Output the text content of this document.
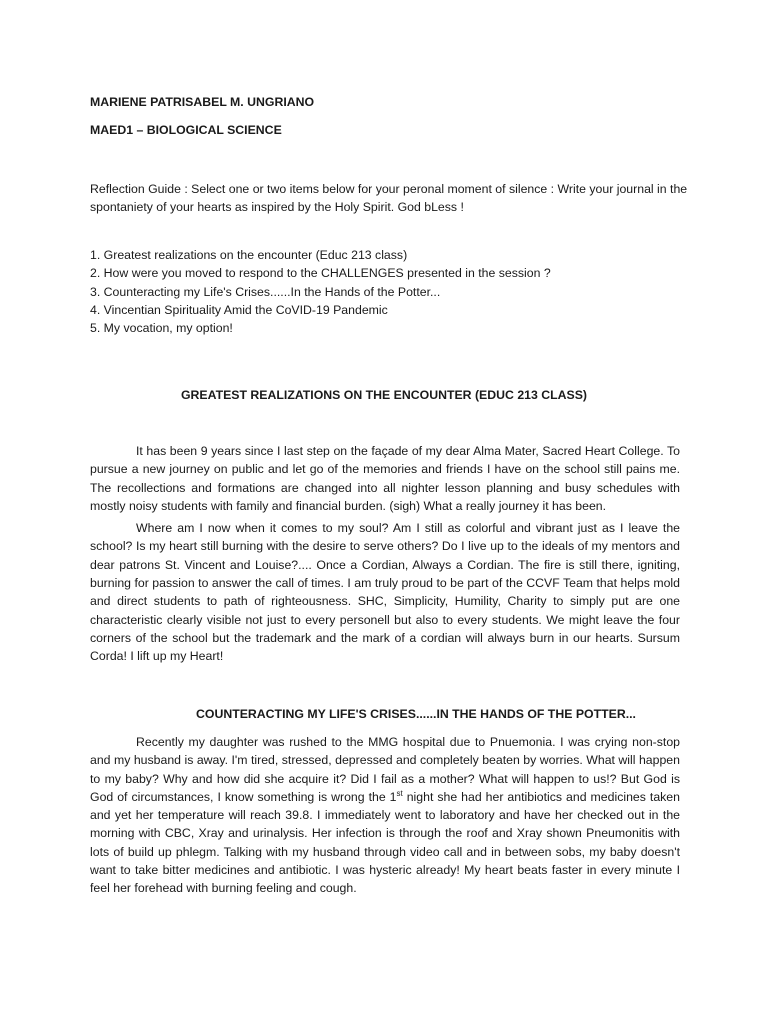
MARIENE PATRISABEL M. UNGRIANO
MAED1 – BIOLOGICAL SCIENCE
Reflection Guide : Select one or two items below for your peronal moment of silence : Write your journal in the spontaniety of your hearts as inspired by the Holy Spirit. God bLess !
1. Greatest realizations on the encounter (Educ 213 class)
2. How were you moved to respond to the CHALLENGES presented in the session ?
3. Counteracting my Life's Crises......In the Hands of the Potter...
4. Vincentian Spirituality Amid the CoVID-19 Pandemic
5. My vocation, my option!
GREATEST REALIZATIONS ON THE ENCOUNTER (EDUC 213 CLASS)

It has been 9 years since I last step on the façade of my dear Alma Mater, Sacred Heart College. To pursue a new journey on public and let go of the memories and friends I have on the school still pains me. The recollections and formations are changed into all nighter lesson planning and busy schedules with mostly noisy students with family and financial burden. (sigh) What a really journey it has been.

Where am I now when it comes to my soul? Am I still as colorful and vibrant just as I leave the school? Is my heart still burning with the desire to serve others? Do I live up to the ideals of my mentors and dear patrons St. Vincent and Louise?.... Once a Cordian, Always a Cordian. The fire is still there, igniting, burning for passion to answer the call of times. I am truly proud to be part of the CCVF Team that helps mold and direct students to path of righteousness. SHC, Simplicity, Humility, Charity to simply put are one characteristic clearly visible not just to every personell but also to every students. We might leave the four corners of the school but the trademark and the mark of a cordian will always burn in our hearts. Sursum Corda! I lift up my Heart!

COUNTERACTING MY LIFE'S CRISES......IN THE HANDS OF THE POTTER...

Recently my daughter was rushed to the MMG hospital due to Pnuemonia. I was crying non-stop and my husband is away. I'm tired, stressed, depressed and completely beaten by worries. What will happen to my baby? Why and how did she acquire it? Did I fail as a mother? What will happen to us!? But God is God of circumstances, I know something is wrong the 1st night she had her antibiotics and medicines taken and yet her temperature will reach 39.8. I immediately went to laboratory and have her checked out in the morning with CBC, Xray and urinalysis. Her infection is through the roof and Xray shown Pneumonitis with lots of build up phlegm. Talking with my husband through video call and in between sobs, my baby doesn't want to take bitter medicines and antibiotic. I was hysteric already! My heart beats faster in every minute I feel her forehead with burning feeling and cough.
